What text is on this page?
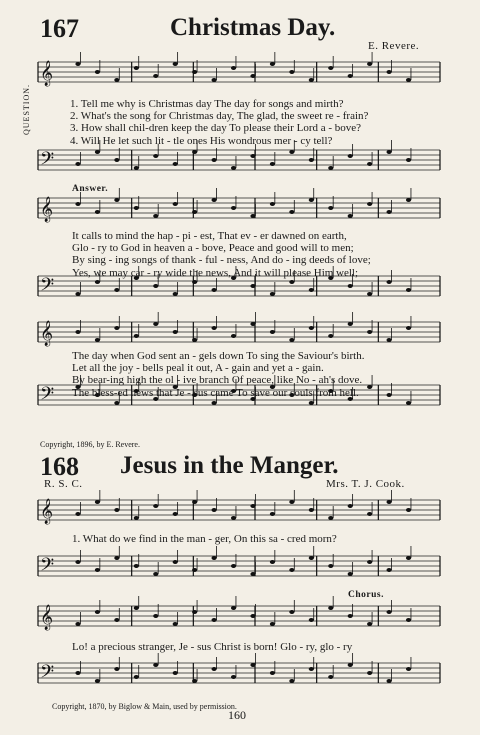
𝄞
𝄢
𝄞
𝄢
𝄞
𝄢
𝄞
𝄢
𝄞
𝄢
167	Christmas Day.
E. Revere.
QUESTION.	1. Tell me why is Christmas day The day for songs and mirth?
2. What's the song for Christmas day, The glad, the sweet re - frain?
3. How shall chil-dren keep the day To please their Lord a - bove?
4. Will He let such lit - tle ones His wondrous mer - cy tell?
Answer.
It calls to mind the hap - pi - est, That ev - er dawned on earth,
Glo - ry to God in heaven a - bove, Peace and good will to men;
By sing - ing songs of thank - ful - ness, And do - ing deeds of love;
Yes, we may car - ry wide the news, And it will please Him well;
The day when God sent an - gels down To sing the Saviour's birth.
Let all the joy - bells peal it out, A - gain and yet a - gain.
By bear-ing high the ol - ive branch Of peace, like No - ah's dove.
The bless-ed news that Je - sus came To save our souls from hell.
Copyright, 1896, by E. Revere.
168 Jesus in the Manger.
R. S. C.	Mrs. T. J. Cook.
1. What do we find in the man - ger, On this sa - cred morn?
Chorus.
Lo! a precious stranger, Je - sus Christ is born! Glo - ry, glo - ry
Copyright, 1870, by Biglow & Main, used by permission.
160
